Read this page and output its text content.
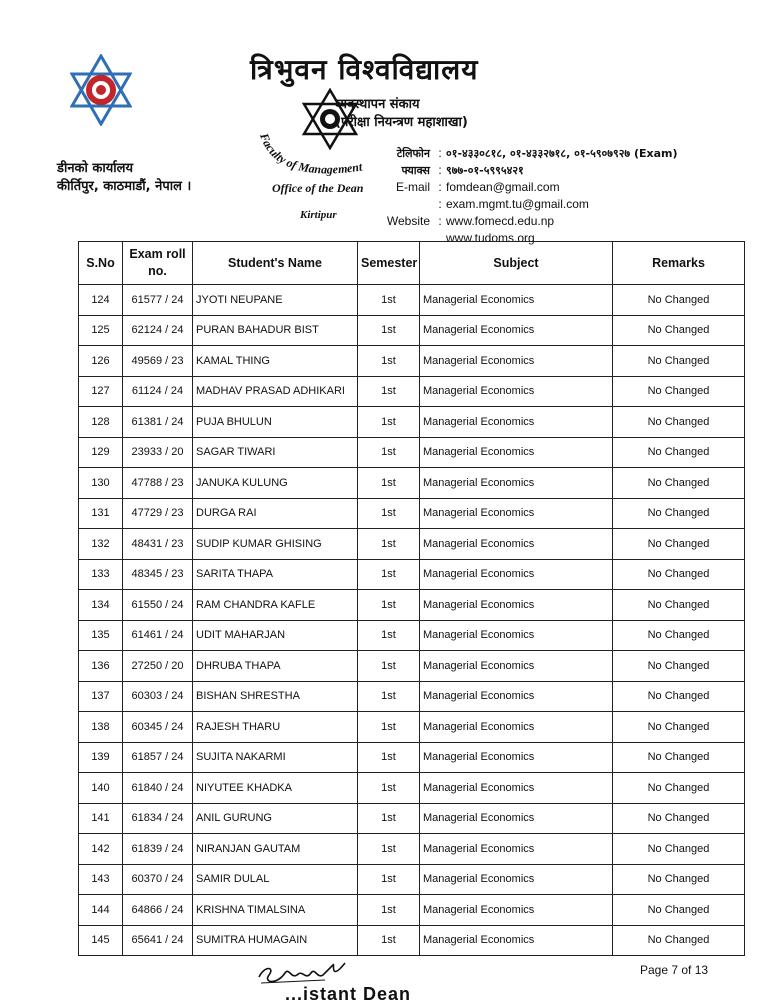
त्रिभुवन विश्वविद्यालय
डीनको कार्यालय
कीर्तिपुर, काठमाडौं, नेपाल ।
व्यवस्थापन संकाय
(परीक्षा नियन्त्रण महाशाखा)
Faculty of Management
Office of the Dean
Kirtipur
टेलिफोन : ०१-४३३०८१८, ०१-४३३२७१८, ०१-५९०७९२७ (Exam)
फ्याक्स : ९७७-०१-५९९५४२१
E-mail : fomdean@gmail.com
: exam.mgmt.tu@gmail.com
Website : www.fomecd.edu.np
www.tudoms.org
S.No	Exam roll no.	Student's Name	Semester	Subject	Remarks
124	61577 / 24	JYOTI NEUPANE	1st	Managerial Economics	No Changed
125	62124 / 24	PURAN BAHADUR BIST	1st	Managerial Economics	No Changed
126	49569 / 23	KAMAL THING	1st	Managerial Economics	No Changed
127	61124 / 24	MADHAV PRASAD ADHIKARI	1st	Managerial Economics	No Changed
128	61381 / 24	PUJA BHULUN	1st	Managerial Economics	No Changed
129	23933 / 20	SAGAR TIWARI	1st	Managerial Economics	No Changed
130	47788 / 23	JANUKA KULUNG	1st	Managerial Economics	No Changed
131	47729 / 23	DURGA RAI	1st	Managerial Economics	No Changed
132	48431 / 23	SUDIP KUMAR GHISING	1st	Managerial Economics	No Changed
133	48345 / 23	SARITA THAPA	1st	Managerial Economics	No Changed
134	61550 / 24	RAM CHANDRA KAFLE	1st	Managerial Economics	No Changed
135	61461 / 24	UDIT MAHARJAN	1st	Managerial Economics	No Changed
136	27250 / 20	DHRUBA THAPA	1st	Managerial Economics	No Changed
137	60303 / 24	BISHAN SHRESTHA	1st	Managerial Economics	No Changed
138	60345 / 24	RAJESH THARU	1st	Managerial Economics	No Changed
139	61857 / 24	SUJITA NAKARMI	1st	Managerial Economics	No Changed
140	61840 / 24	NIYUTEE KHADKA	1st	Managerial Economics	No Changed
141	61834 / 24	ANIL GURUNG	1st	Managerial Economics	No Changed
142	61839 / 24	NIRANJAN GAUTAM	1st	Managerial Economics	No Changed
143	60370 / 24	SAMIR DULAL	1st	Managerial Economics	No Changed
144	64866 / 24	KRISHNA TIMALSINA	1st	Managerial Economics	No Changed
145	65641 / 24	SUMITRA HUMAGAIN	1st	Managerial Economics	No Changed
Page 7 of 13
...istant Dean
